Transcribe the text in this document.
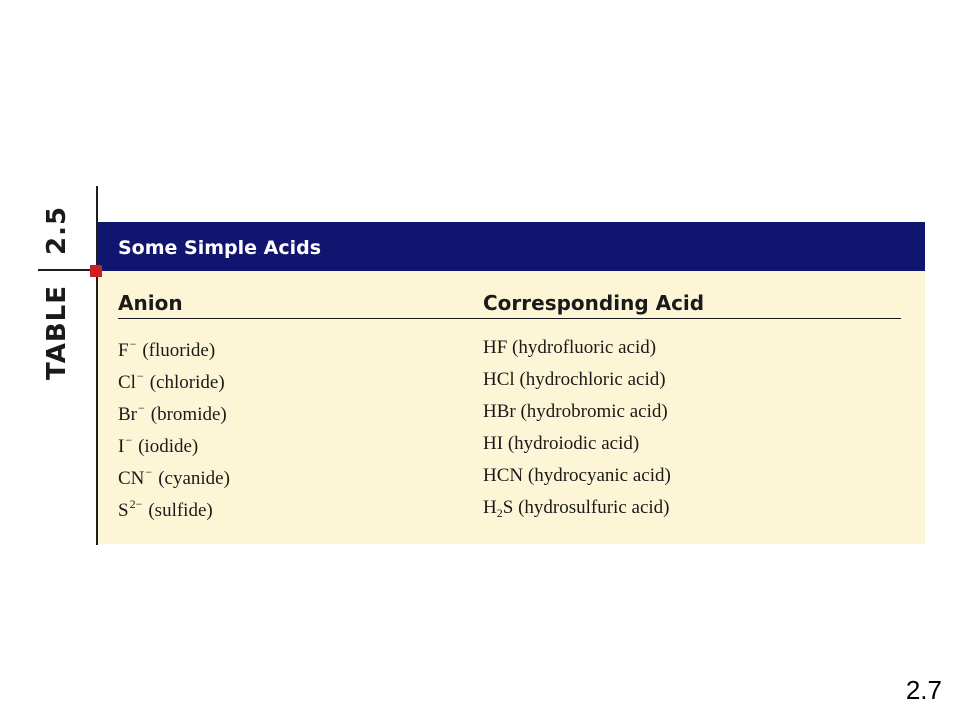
TABLE2.5 Some Simple Acids
Anion	Corresponding Acid
F− (fluoride)	HF (hydrofluoric acid)
Cl− (chloride)	HCl (hydrochloric acid)
Br− (bromide)	HBr (hydrobromic acid)
I− (iodide)	HI (hydroiodic acid)
CN− (cyanide)	HCN (hydrocyanic acid)
$S^{2-}$ (sulfide)	$H_2S$ (hydrosulfuric acid)
2.7
